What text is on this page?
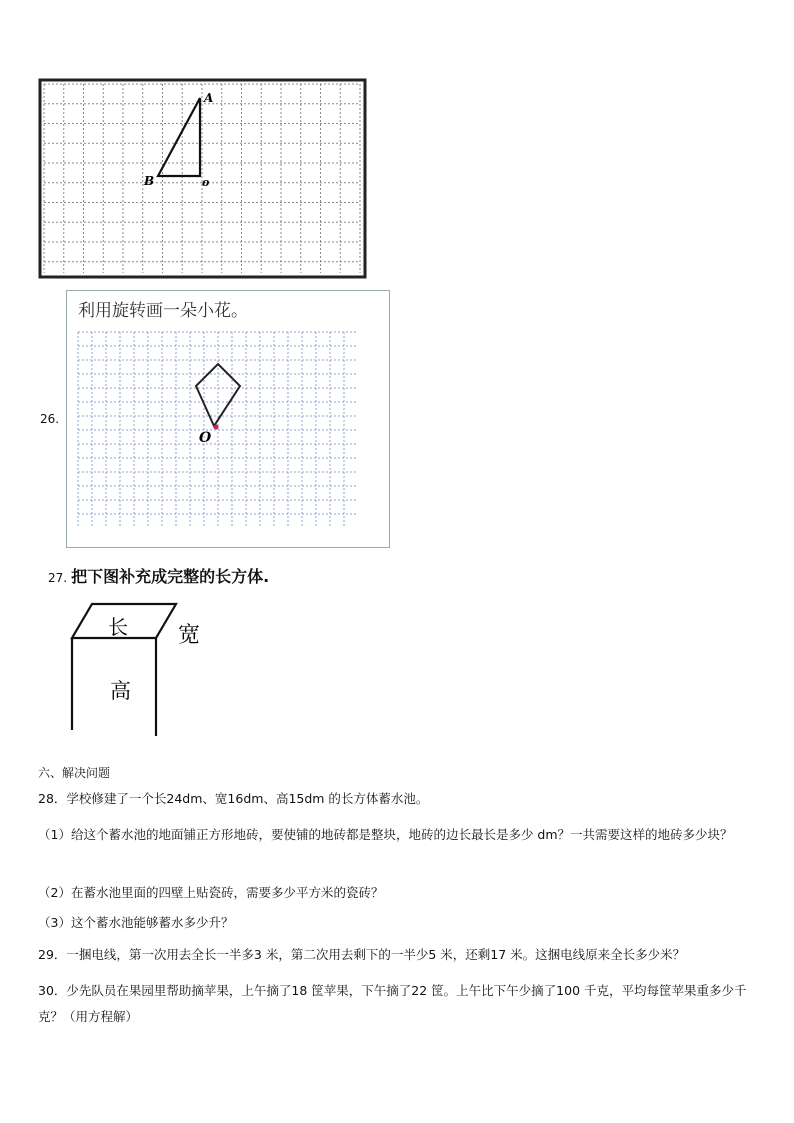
A
B	o
26.
利用旋转画一朵小花。
O
27. 把下图补充成完整的长方体.
长 宽
高
六、解决问题
28．学校修建了一个长24dm、宽16dm、高15dm 的长方体蓄水池。
（1）给这个蓄水池的地面铺正方形地砖，要使铺的地砖都是整块，地砖的边长最长是多少 dm？一共需要这样的地砖多少块？
（2）在蓄水池里面的四壁上贴瓷砖，需要多少平方米的瓷砖？
（3）这个蓄水池能够蓄水多少升？
29．一捆电线，第一次用去全长一半多3 米，第二次用去剩下的一半少5 米，还剩17 米。这捆电线原来全长多少米？
30．少先队员在果园里帮助摘苹果，上午摘了18 筐苹果，下午摘了22 筐。上午比下午少摘了100 千克，平均每筐苹果重多少千克？（用方程解）
